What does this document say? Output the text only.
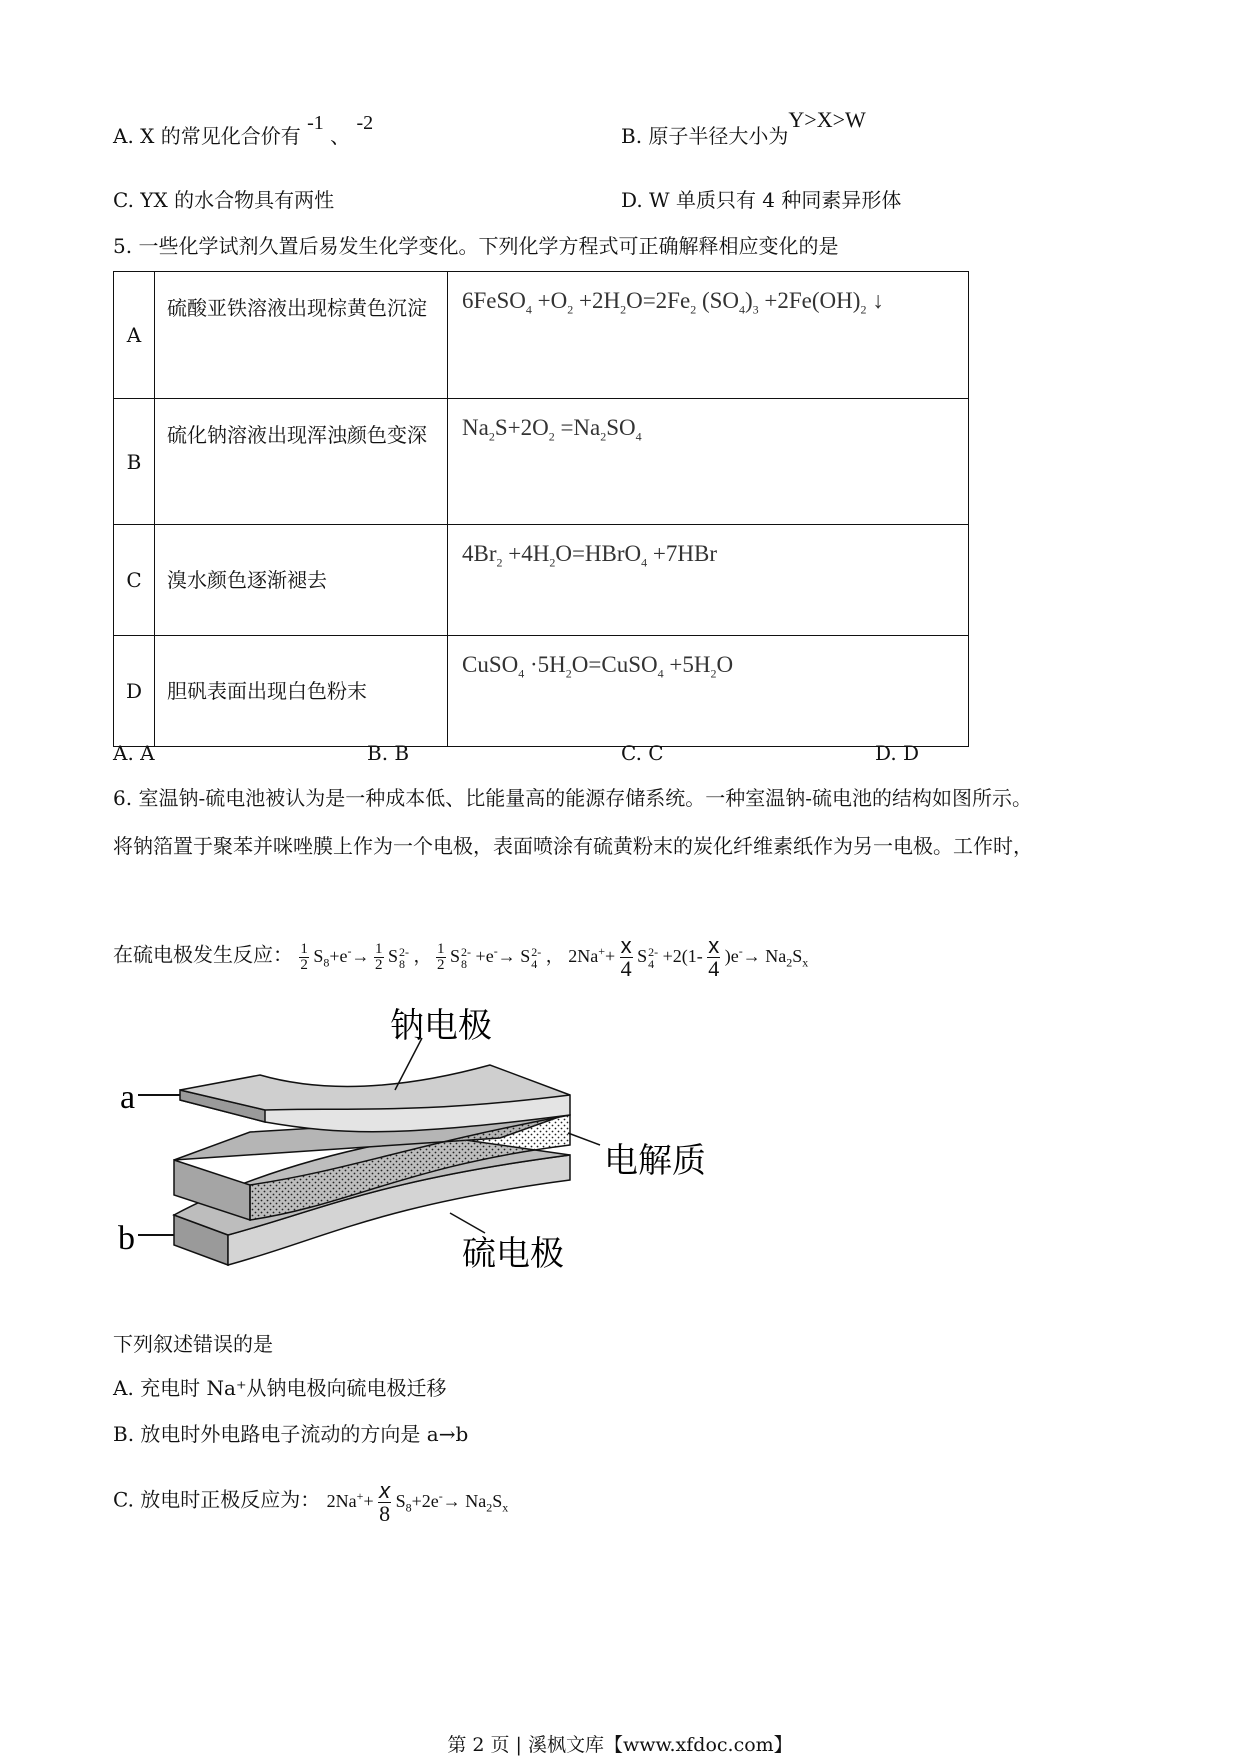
A. X 的常见化合价有 -1 、 -2
B. 原子半径大小为Y>X>W
C. YX 的水合物具有两性	D. W 单质只有 4 种同素异形体
5. 一些化学试剂久置后易发生化学变化。下列化学方程式可正确解释相应变化的是
A	硫酸亚铁溶液出现棕黄色沉淀	6FeSO$_4$ $+O_2 +2H_2O=2Fe_2$ $(SO_4)_3 +2Fe(OH)_2$ ↓
B	硫化钠溶液出现浑浊颜色变深	$Na_2S+2O_2 =Na_2SO_4$
C	溴水颜色逐渐褪去	$4Br_2$ $+4H_2O=HBrO_4 +7HBr$
D	胆矾表面出现白色粉末	CuSO$_4$ $\cdot 5H_2O=CuSO_4 +5H_2O$
A. A	B. B	C. C	D. D
6. 室温钠-硫电池被认为是一种成本低、比能量高的能源存储系统。一种室温钠-硫电池的结构如图所示。
将钠箔置于聚苯并咪唑膜上作为一个电极，表面喷涂有硫黄粉末的炭化纤维素纸作为另一电极。工作时，
在硫电极发生反应： $\frac{1}{2} S_8+e^-\to \frac{1}{2}$ S 2-
8 ， $\frac{1}{2}$ S 2-
8 +e-→ S 2-
4 ， $2Na^++ \frac{x}{4}$ S 2-
$4 +2(1- \frac{x}{4} )e^-\to Na_2S_x$
钠电极
电解质
硫电极
a
b
下列叙述错误的是
A. 充电时 Na⁺从钠电极向硫电极迁移
B. 放电时外电路电子流动的方向是 a→b
C. 放电时正极反应为： $2Na^++ \frac{x}{8} S_8+2e^-\to Na_2S_x$
第 2 页 | 溪枫文库【www.xfdoc.com】
